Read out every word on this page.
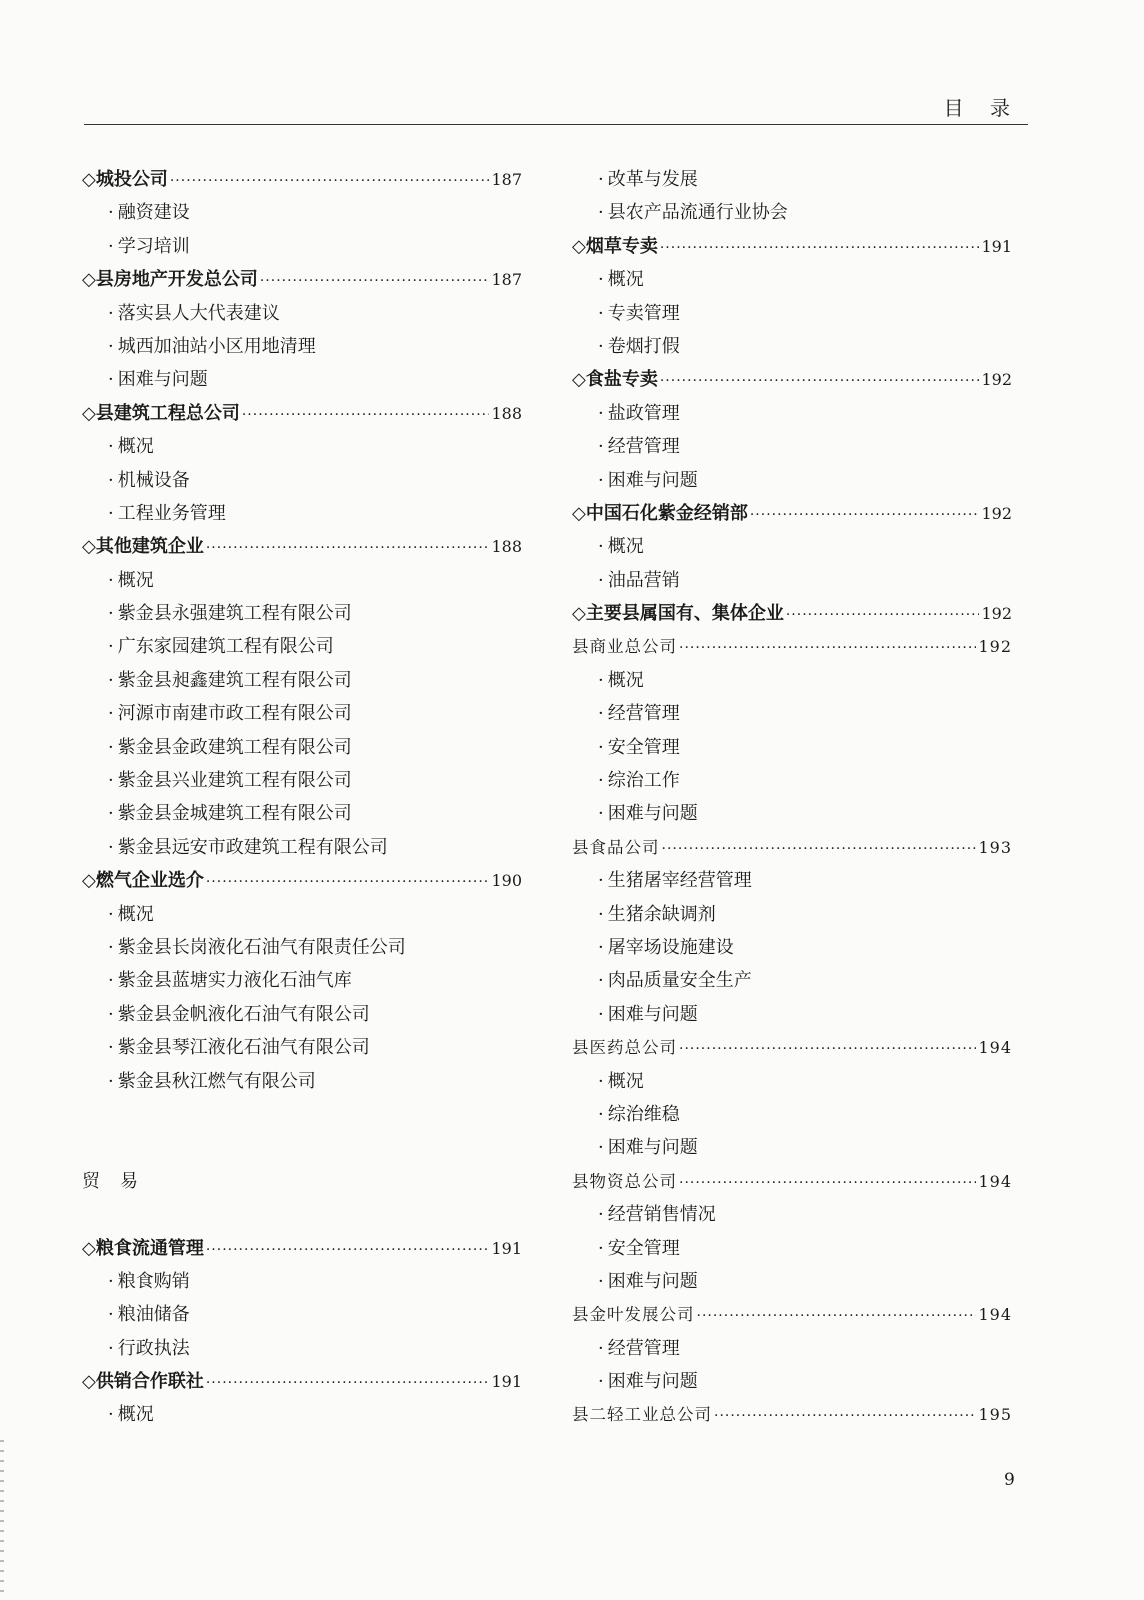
目 录
◇城投公司 ·····	187
· 融资建设
· 学习培训
◇县房地产开发总公司 ·····	187
· 落实县人大代表建议
· 城西加油站小区用地清理
· 困难与问题
◇县建筑工程总公司 ·····	188
· 概况
· 机械设备
· 工程业务管理
◇其他建筑企业 ·····	188
· 概况
· 紫金县永强建筑工程有限公司
· 广东家园建筑工程有限公司
· 紫金县昶鑫建筑工程有限公司
· 河源市南建市政工程有限公司
· 紫金县金政建筑工程有限公司
· 紫金县兴业建筑工程有限公司
· 紫金县金城建筑工程有限公司
· 紫金县远安市政建筑工程有限公司
◇燃气企业选介 ·····	190
· 概况
· 紫金县长岗液化石油气有限责任公司
· 紫金县蓝塘实力液化石油气库
· 紫金县金帆液化石油气有限公司
· 紫金县琴江液化石油气有限公司
· 紫金县秋江燃气有限公司
贸易
◇粮食流通管理 ·····	191
· 粮食购销
· 粮油储备
· 行政执法
◇供销合作联社 ·····	191
· 概况
· 改革与发展
· 县农产品流通行业协会
◇烟草专卖 ·····	191
· 概况
· 专卖管理
· 卷烟打假
◇食盐专卖 ·····	192
· 盐政管理
· 经营管理
· 困难与问题
◇中国石化紫金经销部 ·····	192
· 概况
· 油品营销
◇主要县属国有、集体企业 ·····	192
县商业总公司 ·····	192
· 概况
· 经营管理
· 安全管理
· 综治工作
· 困难与问题
县食品公司 ·····	193
· 生猪屠宰经营管理
· 生猪余缺调剂
· 屠宰场设施建设
· 肉品质量安全生产
· 困难与问题
县医药总公司 ·····	194
· 概况
· 综治维稳
· 困难与问题
县物资总公司 ·····	194
· 经营销售情况
· 安全管理
· 困难与问题
县金叶发展公司 ·····	194
· 经营管理
· 困难与问题
县二轻工业总公司 ·····	195
9
